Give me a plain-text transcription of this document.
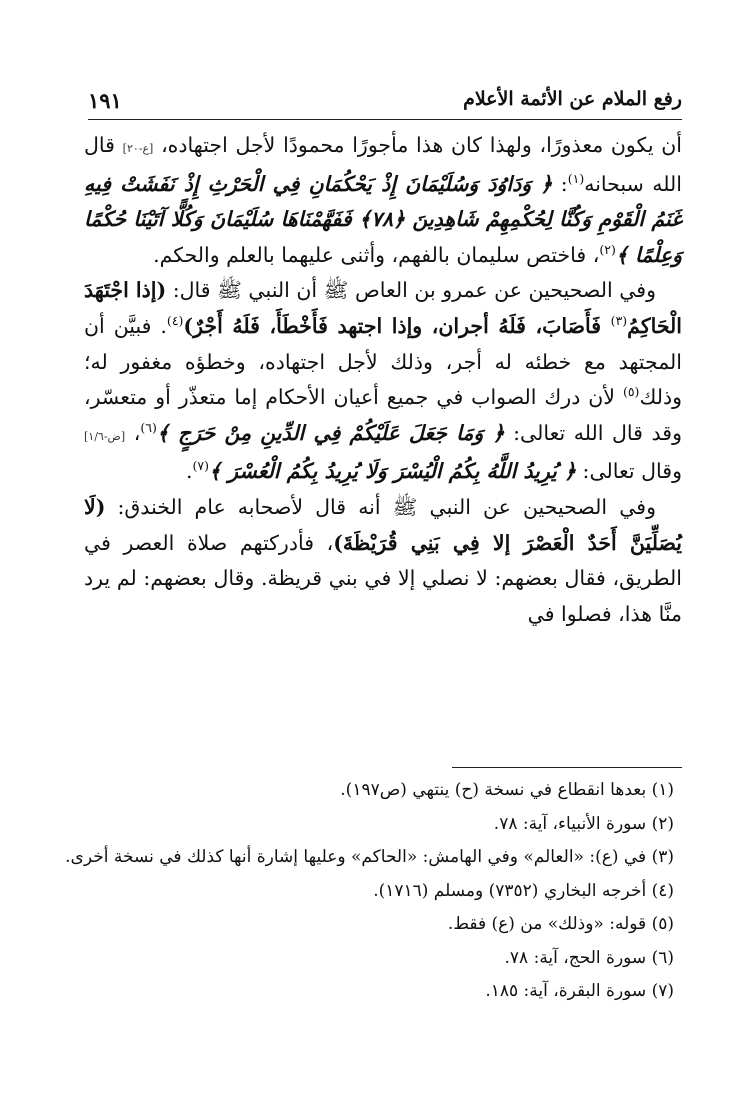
رفع الملام عن الأئمة الأعلام
١٩١

أن يكون معذورًا، ولهذا كان هذا مأجورًا محمودًا لأجل اجتهاده، [ع-٢٠] قال الله سبحانه$^{(١)}$: ﴿ وَدَاوُدَ وَسُلَيْمَانَ إِذْ يَحْكُمَانِ فِي الْحَرْثِ إِذْ نَفَشَتْ فِيهِ غَنَمُ الْقَوْمِ وَكُنَّا لِحُكْمِهِمْ شَاهِدِينَ ﴿٧٨﴾ فَفَهَّمْنَاهَا سُلَيْمَانَ وَكُلًّا آتَيْنَا حُكْمًا وَعِلْمًا ﴾$^{(٢)}$، فاختص سليمان بالفهم، وأثنى عليهما بالعلم والحكم.

وفي الصحيحين عن عمرو بن العاص ﷺ أن النبي ﷺ قال: (إذا اجْتَهَدَ الْحَاكِمُ$^{(٣)}$ فَأَصَابَ، فَلَهُ أجران، وإذا اجتهد فَأَخْطَأَ، فَلَهُ أَجْرٌ)$^{(٤)}$. فبيَّن أن المجتهد مع خطئه له أجر، وذلك لأجل اجتهاده، وخطؤه مغفور له؛ وذلك$^{(٥)}$ لأن درك الصواب في جميع أعيان الأحكام إما متعذّر أو متعسّر، وقد قال الله تعالى: ﴿ وَمَا جَعَلَ عَلَيْكُمْ فِي الدِّينِ مِنْ حَرَجٍ ﴾$^{(٦)}$، [ض-١/٦] وقال تعالى: ﴿ يُرِيدُ اللَّهُ بِكُمُ الْيُسْرَ وَلَا يُرِيدُ بِكُمُ الْعُسْرَ ﴾$^{(٧)}$.

وفي الصحيحين عن النبي ﷺ أنه قال لأصحابه عام الخندق: (لَا يُصَلِّيَنَّ أَحَدٌ الْعَصْرَ إلا فِي بَنِي قُرَيْظَةَ)، فأدركتهم صلاة العصر في الطريق، فقال بعضهم: لا نصلي إلا في بني قريظة. وقال بعضهم: لم يرد منَّا هذا، فصلوا في

(١) بعدها انقطاع في نسخة (ح) ينتهي (ص١٩٧).
(٢) سورة الأنبياء، آية: ٧٨.
(٣) في (ع): «العالم» وفي الهامش: «الحاكم» وعليها إشارة أنها كذلك في نسخة أخرى.
(٤) أخرجه البخاري (٧٣٥٢) ومسلم (١٧١٦).
(٥) قوله: «وذلك» من (ع) فقط.
(٦) سورة الحج، آية: ٧٨.
(٧) سورة البقرة، آية: ١٨٥.
